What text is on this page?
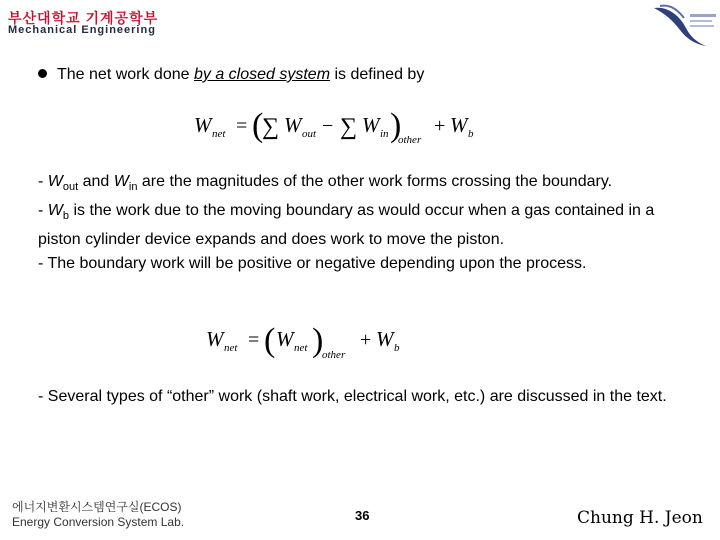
부산대학교 기계공학부
Mechanical Engineering
The net work done by a closed system is defined by
W net = (
∑ W out − ∑ W in )
other
+ W b
- $W_{out}$ and $W_{in}$ are the magnitudes of the other work forms crossing the boundary.
- $W_b$ is the work due to the moving boundary as would occur when a gas contained in a piston cylinder device expands and does work to move the piston.
- The boundary work will be positive or negative depending upon the process.
W net = ( W net )
other
+ W b
- Several types of “other” work (shaft work, electrical work, etc.) are discussed in the text.
에너지변환시스템연구실(ECOS)
Energy Conversion System Lab.	36	Chung H. Jeon
